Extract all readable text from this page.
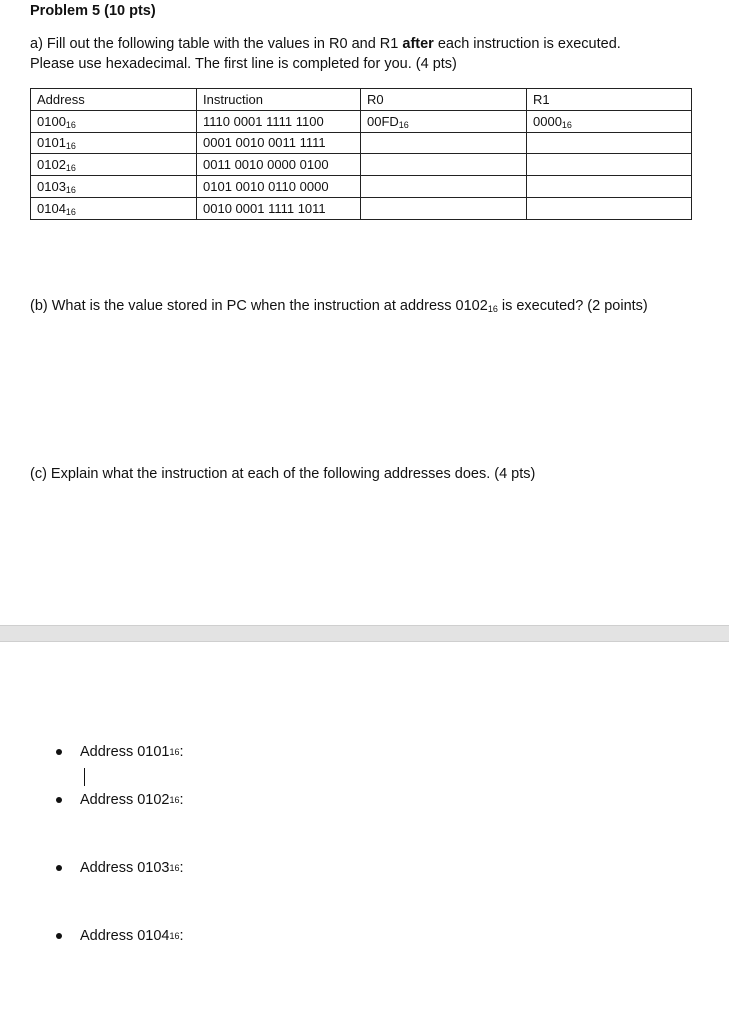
Problem 5 (10 pts)
a) Fill out the following table with the values in R0 and R1 after each instruction is executed.
Please use hexadecimal. The first line is completed for you. (4 pts)
Address	Instruction	R0	R1
$0100_{16}$	1110 0001 1111 1100	$00FD_{16}$	$0000_{16}$
$0101_{16}$	0001 0010 0011 1111		
$0102_{16}$	0011 0010 0000 0100		
$0103_{16}$	0101 0010 0110 0000		
$0104_{16}$	0010 0001 1111 1011		
(b) What is the value stored in PC when the instruction at address $0102_{16}$ is executed? (2 points)
(c) Explain what the instruction at each of the following addresses does. (4 pts)
Address
0101 16 :
Address
0102 16 :
Address
0103 16 :
Address
0104 16 :
